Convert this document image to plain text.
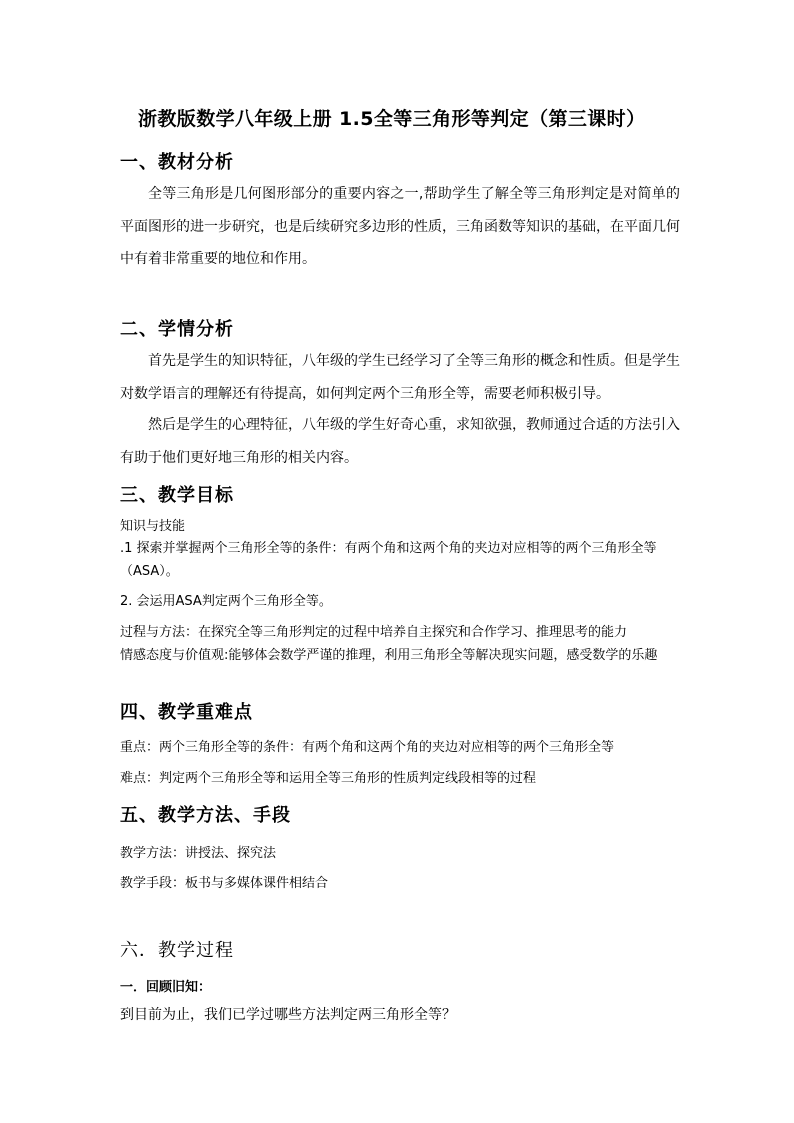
浙教版数学八年级上册 1.5全等三角形等判定（第三课时）
一、教材分析

全等三角形是几何图形部分的重要内容之一,帮助学生了解全等三角形判定是对简单的平面图形的进一步研究，也是后续研究多边形的性质，三角函数等知识的基础，在平面几何中有着非常重要的地位和作用。

二、学情分析

首先是学生的知识特征，八年级的学生已经学习了全等三角形的概念和性质。但是学生对数学语言的理解还有待提高，如何判定两个三角形全等，需要老师积极引导。

然后是学生的心理特征，八年级的学生好奇心重，求知欲强，教师通过合适的方法引入有助于他们更好地三角形的相关内容。

三、教学目标
知识与技能

.1 探索并掌握两个三角形全等的条件：有两个角和这两个角的夹边对应相等的两个三角形全等（ASA）。

2. 会运用ASA判定两个三角形全等。
过程与方法：在探究全等三角形判定的过程中培养自主探究和合作学习、推理思考的能力

情感态度与价值观:能够体会数学严谨的推理，利用三角形全等解决现实问题，感受数学的乐趣

四、教学重难点
重点：两个三角形全等的条件：有两个角和这两个角的夹边对应相等的两个三角形全等
难点：判定两个三角形全等和运用全等三角形的性质判定线段相等的过程
五、教学方法、手段
教学方法：讲授法、探究法
教学手段：板书与多媒体课件相结合
六．教学过程
一．回顾旧知：
到目前为止，我们已学过哪些方法判定两三角形全等？
